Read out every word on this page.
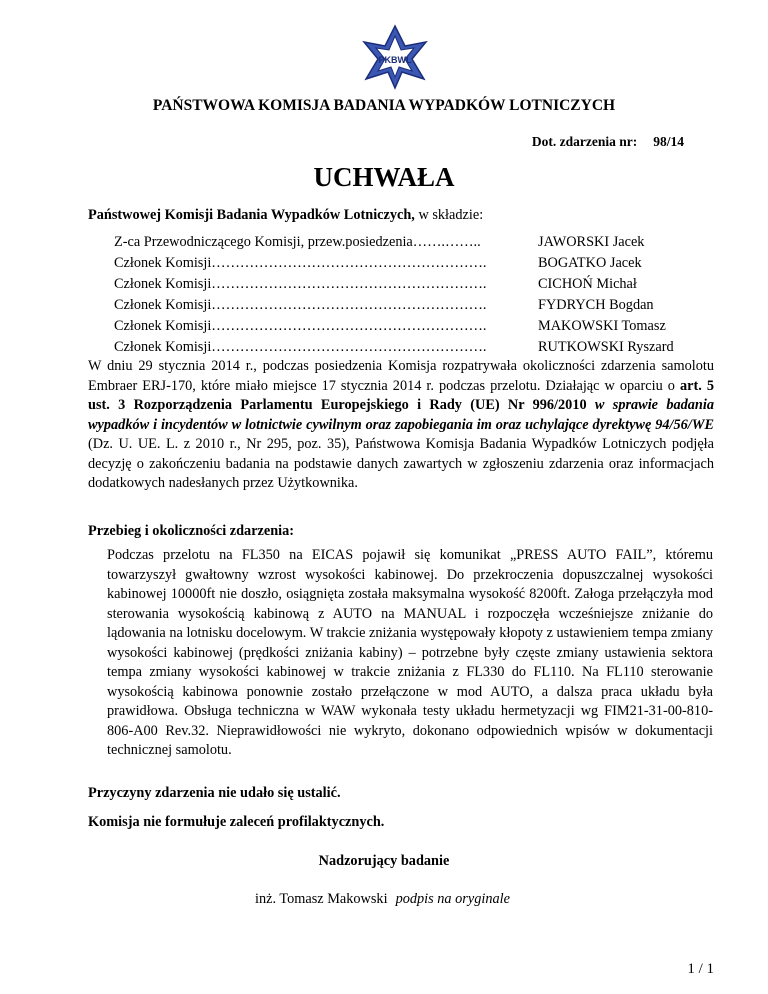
PKBWL
PAŃSTWOWA KOMISJA BADANIA WYPADKÓW LOTNICZYCH
Dot. zdarzenia nr: 98/14
UCHWAŁA
Państwowej Komisji Badania Wypadków Lotniczych, w składzie:
Z-ca Przewodniczącego Komisji, przew.posiedzenia…….……..	JAWORSKI Jacek
Członek Komisji………………………………………………….	BOGATKO Jacek
Członek Komisji………………………………………………….	CICHOŃ Michał
Członek Komisji………………………………………………….	FYDRYCH Bogdan
Członek Komisji………………………………………………….	MAKOWSKI Tomasz
Członek Komisji………………………………………………….	RUTKOWSKI Ryszard
W dniu 29 stycznia 2014 r., podczas posiedzenia Komisja rozpatrywała okoliczności zdarzenia samolotu Embraer ERJ-170, które miało miejsce 17 stycznia 2014 r. podczas przelotu. Działając w oparciu o art. 5 ust. 3 Rozporządzenia Parlamentu Europejskiego i Rady (UE) Nr 996/2010 w sprawie badania wypadków i incydentów w lotnictwie cywilnym oraz zapobiegania im oraz uchylające dyrektywę 94/56/WE (Dz. U. UE. L. z 2010 r., Nr 295, poz. 35), Państwowa Komisja Badania Wypadków Lotniczych podjęła decyzję o zakończeniu badania na podstawie danych zawartych w zgłoszeniu zdarzenia oraz informacjach dodatkowych nadesłanych przez Użytkownika.
Przebieg i okoliczności zdarzenia:
Podczas przelotu na FL350 na EICAS pojawił się komunikat „PRESS AUTO FAIL”, któremu towarzyszył gwałtowny wzrost wysokości kabinowej. Do przekroczenia dopuszczalnej wysokości kabinowej 10000ft nie doszło, osiągnięta została maksymalna wysokość 8200ft. Załoga przełączyła mod sterowania wysokością kabinową z AUTO na MANUAL i rozpoczęła wcześniejsze zniżanie do lądowania na lotnisku docelowym. W trakcie zniżania występowały kłopoty z ustawieniem tempa zmiany wysokości kabinowej (prędkości zniżania kabiny) – potrzebne były częste zmiany ustawienia sektora tempa zmiany wysokości kabinowej w trakcie zniżania z FL330 do FL110. Na FL110 sterowanie wysokością kabinowa ponownie zostało przełączone w mod AUTO, a dalsza praca układu była prawidłowa. Obsługa techniczna w WAW wykonała testy układu hermetyzacji wg FIM21-31-00-810-806-A00 Rev.32. Nieprawidłowości nie wykryto, dokonano odpowiednich wpisów w dokumentacji technicznej samolotu.
Przyczyny zdarzenia nie udało się ustalić.
Komisja nie formułuje zaleceń profilaktycznych.
Nadzorujący badanie
inż. Tomasz Makowski podpis na oryginale
1 / 1
